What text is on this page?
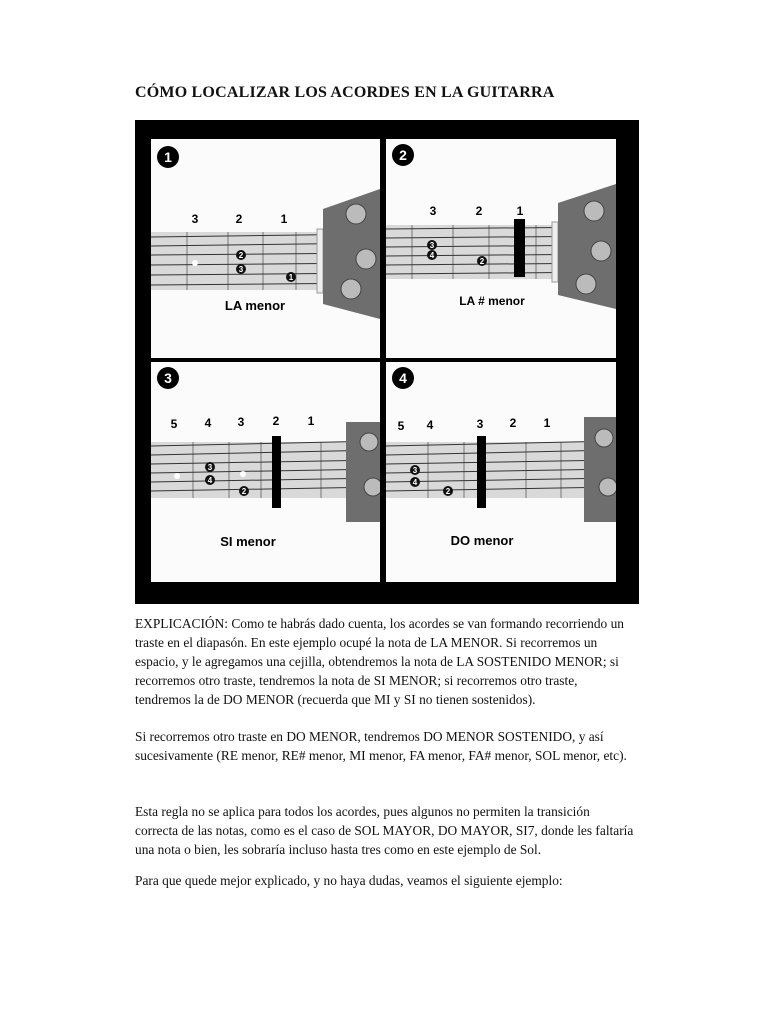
CÓMO LOCALIZAR LOS ACORDES EN LA GUITARRA
1
3	2	1
2
3
1
LA menor
2
3	2	1
3
4
2
LA # menor
3
5 4 3 2 1
3
4
2
SI menor
4
5 4	3 2 1
3
4
2
DO menor
EXPLICACIÓN: Como te habrás dado cuenta, los acordes se van formando recorriendo un traste en el diapasón. En este ejemplo ocupé la nota de LA MENOR. Si recorremos un espacio, y le agregamos una cejilla, obtendremos la nota de LA SOSTENIDO MENOR; si recorremos otro traste, tendremos la nota de SI MENOR; si recorremos otro traste, tendremos la de DO MENOR (recuerda que MI y SI no tienen sostenidos).
Si recorremos otro traste en DO MENOR, tendremos DO MENOR SOSTENIDO, y así sucesivamente (RE menor, RE# menor, MI menor, FA menor, FA# menor, SOL menor, etc).
Esta regla no se aplica para todos los acordes, pues algunos no permiten la transición correcta de las notas, como es el caso de SOL MAYOR, DO MAYOR, SI7, donde les faltaría una nota o bien, les sobraría incluso hasta tres como en este ejemplo de Sol.
Para que quede mejor explicado, y no haya dudas, veamos el siguiente ejemplo:
